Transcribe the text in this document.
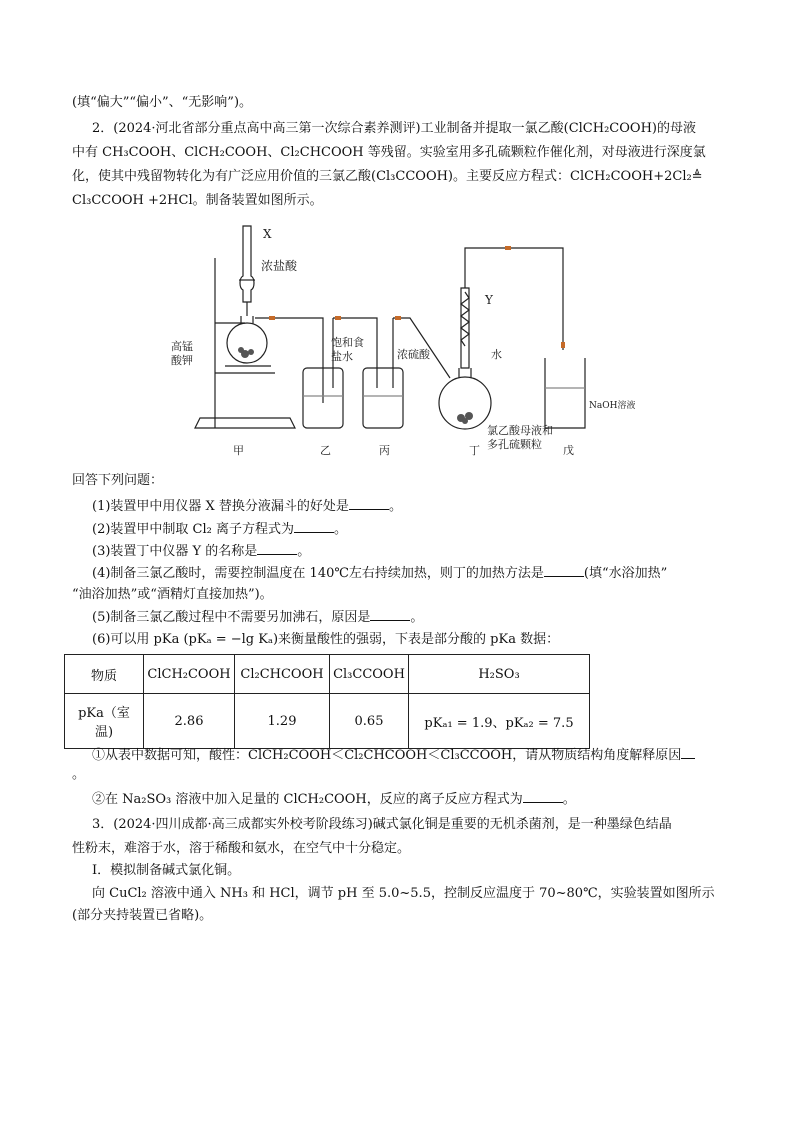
(填“偏大”“偏小”、“无影响”)。
2．(2024·河北省部分重点高中高三第一次综合素养测评)工业制备并提取一氯乙酸(ClCH₂COOH)的母液
中有 CH₃COOH、ClCH₂COOH、Cl₂CHCOOH 等残留。实验室用多孔硫颗粒作催化剂，对母液进行深度氯
化，使其中残留物转化为有广泛应用价值的三氯乙酸(Cl₃CCOOH)。主要反应方程式：ClCH₂COOH+2Cl₂≜
Cl₃CCOOH +2HCl。制备装置如图所示。
X
浓盐酸
高锰
酸钾
饱和食
盐水	浓硫酸
Y
水
氯乙酸母液和
多孔硫颗粒
NaOH溶液
甲	乙	丙	丁	戊
回答下列问题：
(1)装置甲中用仪器 X 替换分液漏斗的好处是	。
(2)装置甲中制取 Cl₂ 离子方程式为	。
(3)装置丁中仪器 Y 的名称是	。
(4)制备三氯乙酸时，需要控制温度在 140℃左右持续加热，则丁的加热方法是	(填“水浴加热”
“油浴加热”或“酒精灯直接加热”)。
(5)制备三氯乙酸过程中不需要另加沸石，原因是	。
(6)可以用 pKa (pKₐ = −lg Kₐ)来衡量酸性的强弱，下表是部分酸的 pKa 数据：
物质	ClCH₂COOH	Cl₂CHCOOH	Cl₃CCOOH	H₂SO₃
pKa（室
温)	2.86	1.29	0.65	pKₐ₁ = 1.9、pKₐ₂ = 7.5
①从表中数据可知，酸性：ClCH₂COOH＜Cl₂CHCOOH＜Cl₃CCOOH，请从物质结构角度解释原因
。
②在 Na₂SO₃ 溶液中加入足量的 ClCH₂COOH，反应的离子反应方程式为	。
3．(2024·四川成都·高三成都实外校考阶段练习)碱式氯化铜是重要的无机杀菌剂，是一种墨绿色结晶
性粉末，难溶于水，溶于稀酸和氨水，在空气中十分稳定。
Ⅰ．模拟制备碱式氯化铜。
向 CuCl₂ 溶液中通入 NH₃ 和 HCl，调节 pH 至 5.0~5.5，控制反应温度于 70~80℃，实验装置如图所示
(部分夹持装置已省略)。
